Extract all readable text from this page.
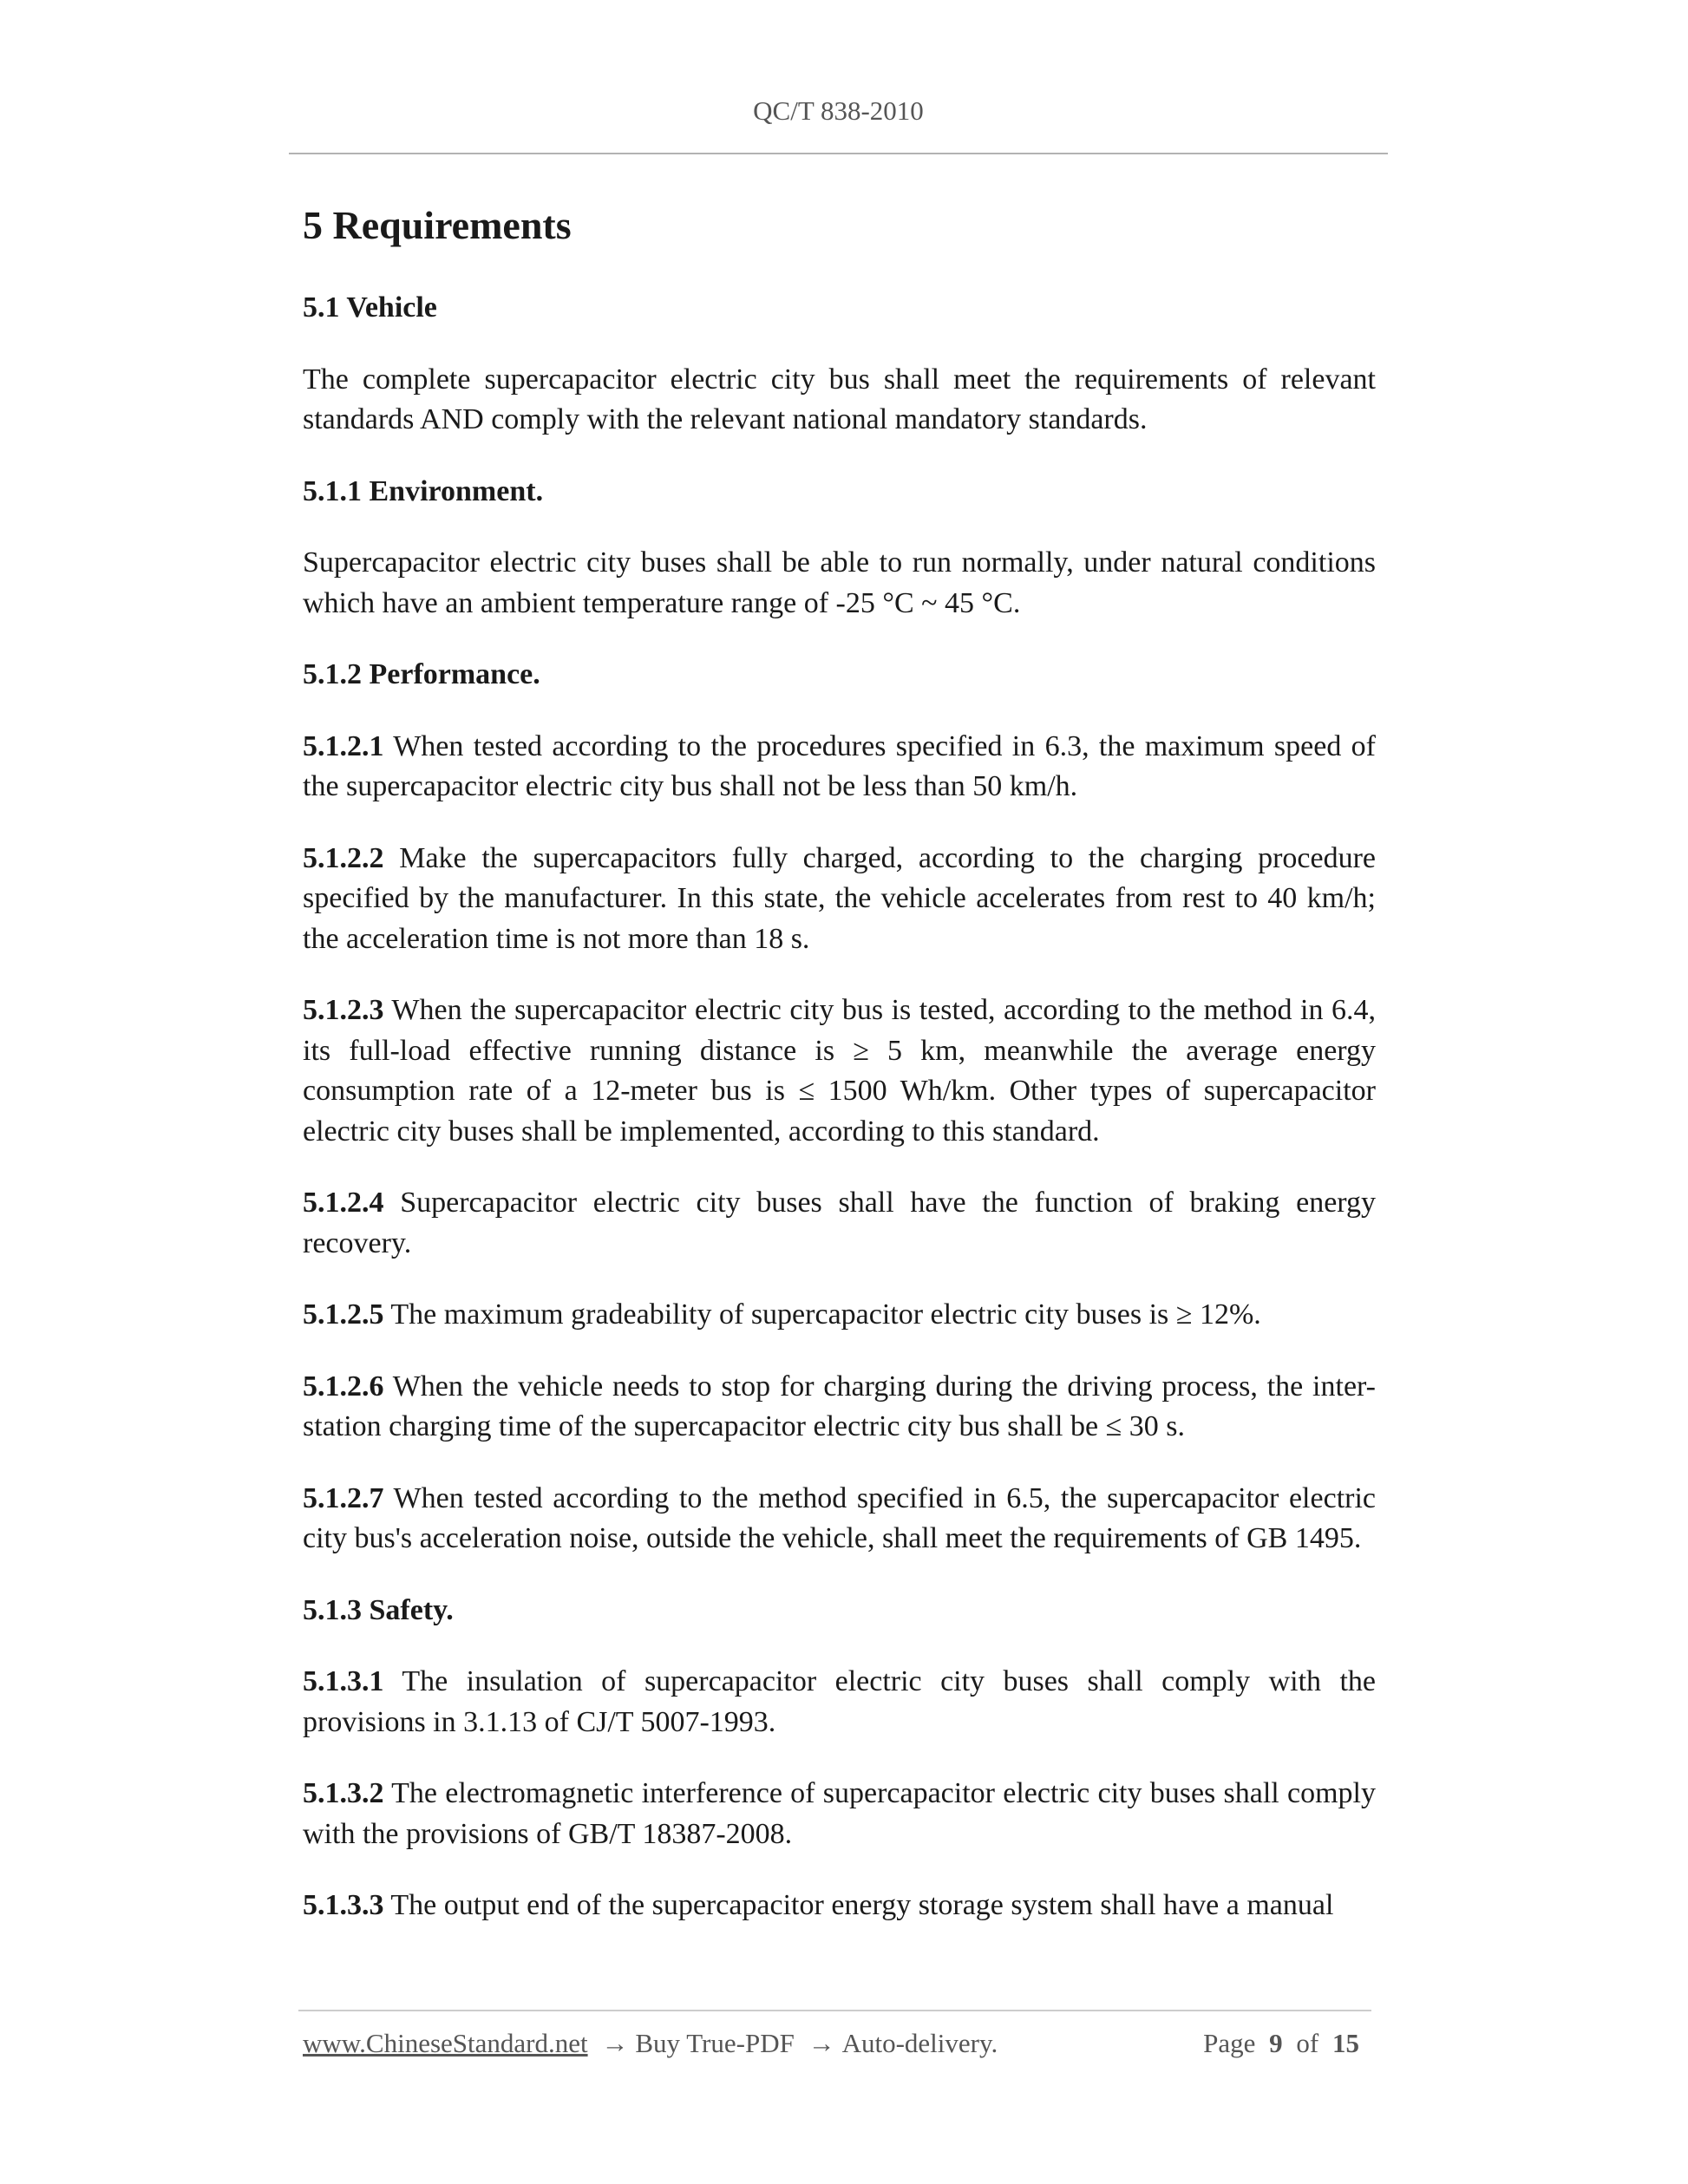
QC/T 838-2010
5 Requirements

5.1 Vehicle

The complete supercapacitor electric city bus shall meet the requirements of relevant standards AND comply with the relevant national mandatory standards.

5.1.1 Environment.

Supercapacitor electric city buses shall be able to run normally, under natural conditions which have an ambient temperature range of -25 °C ~ 45 °C.

5.1.2 Performance.

5.1.2.1 When tested according to the procedures specified in 6.3, the maximum speed of the supercapacitor electric city bus shall not be less than 50 km/h.

5.1.2.2 Make the supercapacitors fully charged, according to the charging procedure specified by the manufacturer. In this state, the vehicle accelerates from rest to 40 km/h; the acceleration time is not more than 18 s.

5.1.2.3 When the supercapacitor electric city bus is tested, according to the method in 6.4, its full-load effective running distance is ≥ 5 km, meanwhile the average energy consumption rate of a 12-meter bus is ≤ 1500 Wh/km. Other types of supercapacitor electric city buses shall be implemented, according to this standard.

5.1.2.4 Supercapacitor electric city buses shall have the function of braking energy recovery.

5.1.2.5 The maximum gradeability of supercapacitor electric city buses is ≥ 12%.

5.1.2.6 When the vehicle needs to stop for charging during the driving process, the inter-station charging time of the supercapacitor electric city bus shall be ≤ 30 s.

5.1.2.7 When tested according to the method specified in 6.5, the supercapacitor electric city bus's acceleration noise, outside the vehicle, shall meet the requirements of GB 1495.

5.1.3 Safety.

5.1.3.1 The insulation of supercapacitor electric city buses shall comply with the provisions in 3.1.13 of CJ/T 5007-1993.

5.1.3.2 The electromagnetic interference of supercapacitor electric city buses shall comply with the provisions of GB/T 18387-2008.

5.1.3.3 The output end of the supercapacitor energy storage system shall have a manual

www.ChineseStandard.net → Buy True-PDF → Auto-delivery.	Page 9 of 15
